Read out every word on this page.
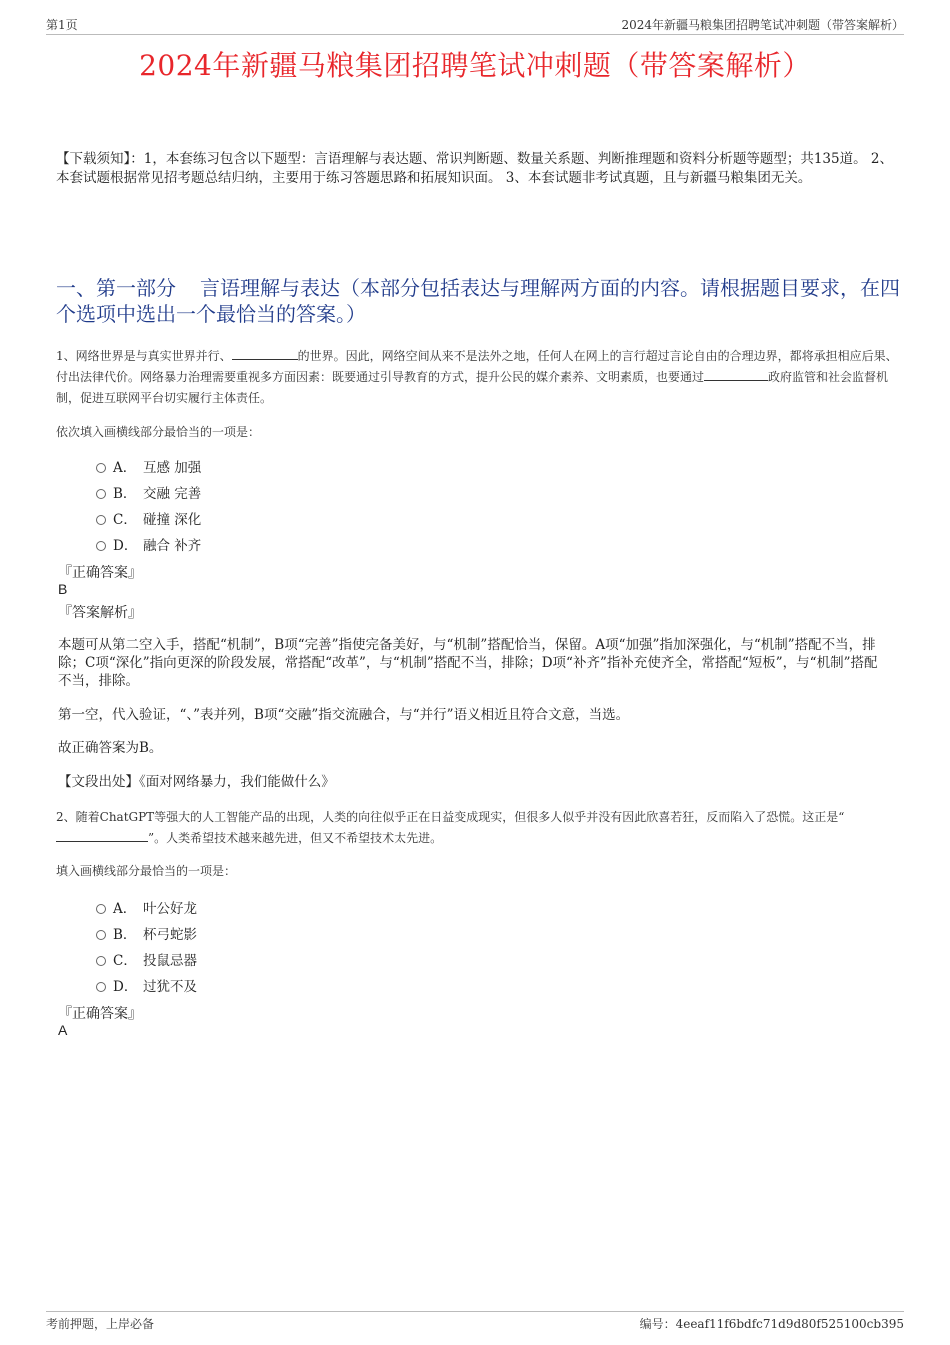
第1页	2024年新疆马粮集团招聘笔试冲刺题（带答案解析）
2024年新疆马粮集团招聘笔试冲刺题（带答案解析）
【下载须知】：1，本套练习包含以下题型：言语理解与表达题、常识判断题、数量关系题、判断推理题和资料分析题等题型；共135道。 2、本套试题根据常见招考题总结归纳，主要用于练习答题思路和拓展知识面。 3、本套试题非考试真题，且与新疆马粮集团无关。
一、第一部分 言语理解与表达（本部分包括表达与理解两方面的内容。请根据题目要求，在四个选项中选出一个最恰当的答案。）
1、网络世界是与真实世界并行、	的世界。因此，网络空间从来不是法外之地，任何人在网上的言行超过言论自由的合理边界，都将承担相应后果、付出法律代价。网络暴力治理需要重视多方面因素：既要通过引导教育的方式，提升公民的媒介素养、文明素质，也要通过	政府监管和社会监督机制，促进互联网平台切实履行主体责任。
依次填入画横线部分最恰当的一项是：
A． 互感 加强
B． 交融 完善
C． 碰撞 深化
D． 融合 补齐
『正确答案』
B
『答案解析』
本题可从第二空入手，搭配“机制”，B项“完善”指使完备美好，与“机制”搭配恰当，保留。A项“加强”指加深强化，与“机制”搭配不当，排除；C项“深化”指向更深的阶段发展，常搭配“改革”，与“机制”搭配不当，排除；D项“补齐”指补充使齐全，常搭配“短板”，与“机制”搭配不当，排除。
第一空，代入验证，“、”表并列，B项“交融”指交流融合，与“并行”语义相近且符合文意，当选。
故正确答案为B。
【文段出处】《面对网络暴力，我们能做什么》
2、随着ChatGPT等强大的人工智能产品的出现，人类的向往似乎正在日益变成现实，但很多人似乎并没有因此欣喜若狂，反而陷入了恐慌。这正是“”。人类希望技术越来越先进，但又不希望技术太先进。
填入画横线部分最恰当的一项是：
A． 叶公好龙
B． 杯弓蛇影
C． 投鼠忌器
D． 过犹不及
『正确答案』
A
考前押题，上岸必备	编号：4eeaf11f6bdfc71d9d80f525100cb395
